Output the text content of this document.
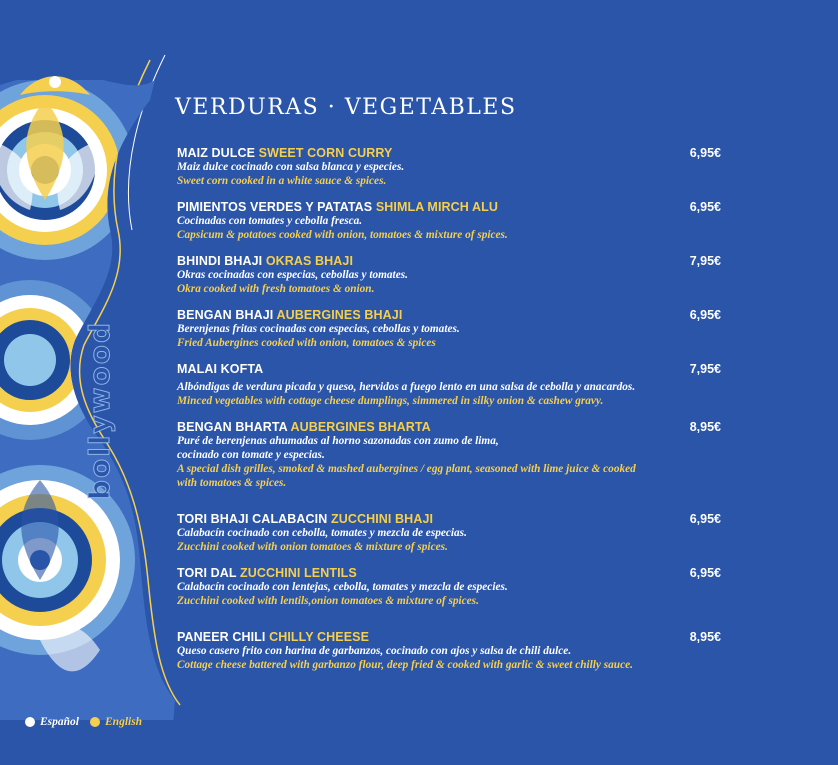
bollywood
VERDURAS · VEGETABLES
MAIZ DULCE SWEET CORN CURRY	6,95€

Maiz dulce cocinado con salsa blanca y especies.

Sweet corn cooked in a white sauce & spices.

PIMIENTOS VERDES Y PATATAS SHIMLA MIRCH ALU	6,95€

Cocinadas con tomates y cebolla fresca.

Capsicum & potatoes cooked with onion, tomatoes & mixture of spices.

BHINDI BHAJI OKRAS BHAJI	7,95€

Okras cocinadas con especias, cebollas y tomates.

Okra cooked with fresh tomatoes & onion.

BENGAN BHAJI AUBERGINES BHAJI	6,95€

Berenjenas fritas cocinadas con especias, cebollas y tomates.

Fried Aubergines cooked with onion, tomatoes & spices

MALAI KOFTA	7,95€

Albóndigas de verdura picada y queso, hervidos a fuego lento en una salsa de cebolla y anacardos.

Minced vegetables with cottage cheese dumplings, simmered in silky onion & cashew gravy.

BENGAN BHARTA AUBERGINES BHARTA	8,95€

Puré de berenjenas ahumadas al horno sazonadas con zumo de lima,

cocinado con tomate y especias.

A special dish grilles, smoked & mashed aubergines / egg plant, seasoned with lime juice & cooked

with tomatoes & spices.

TORI BHAJI CALABACIN ZUCCHINI BHAJI	6,95€

Calabacín cocinado con cebolla, tomates y mezcla de especias.

Zucchini cooked with onion tomatoes & mixture of spices.

TORI DAL ZUCCHINI LENTILS	6,95€

Calabacín cocinado con lentejas, cebolla, tomates y mezcla de especies.

Zucchini cooked with lentils,onion tomatoes & mixture of spices.

PANEER CHILI CHILLY CHEESE	8,95€

Queso casero frito con harina de garbanzos, cocinado con ajos y salsa de chili dulce.

Cottage cheese battered with garbanzo flour, deep fried & cooked with garlic & sweet chilly sauce.

Español English
